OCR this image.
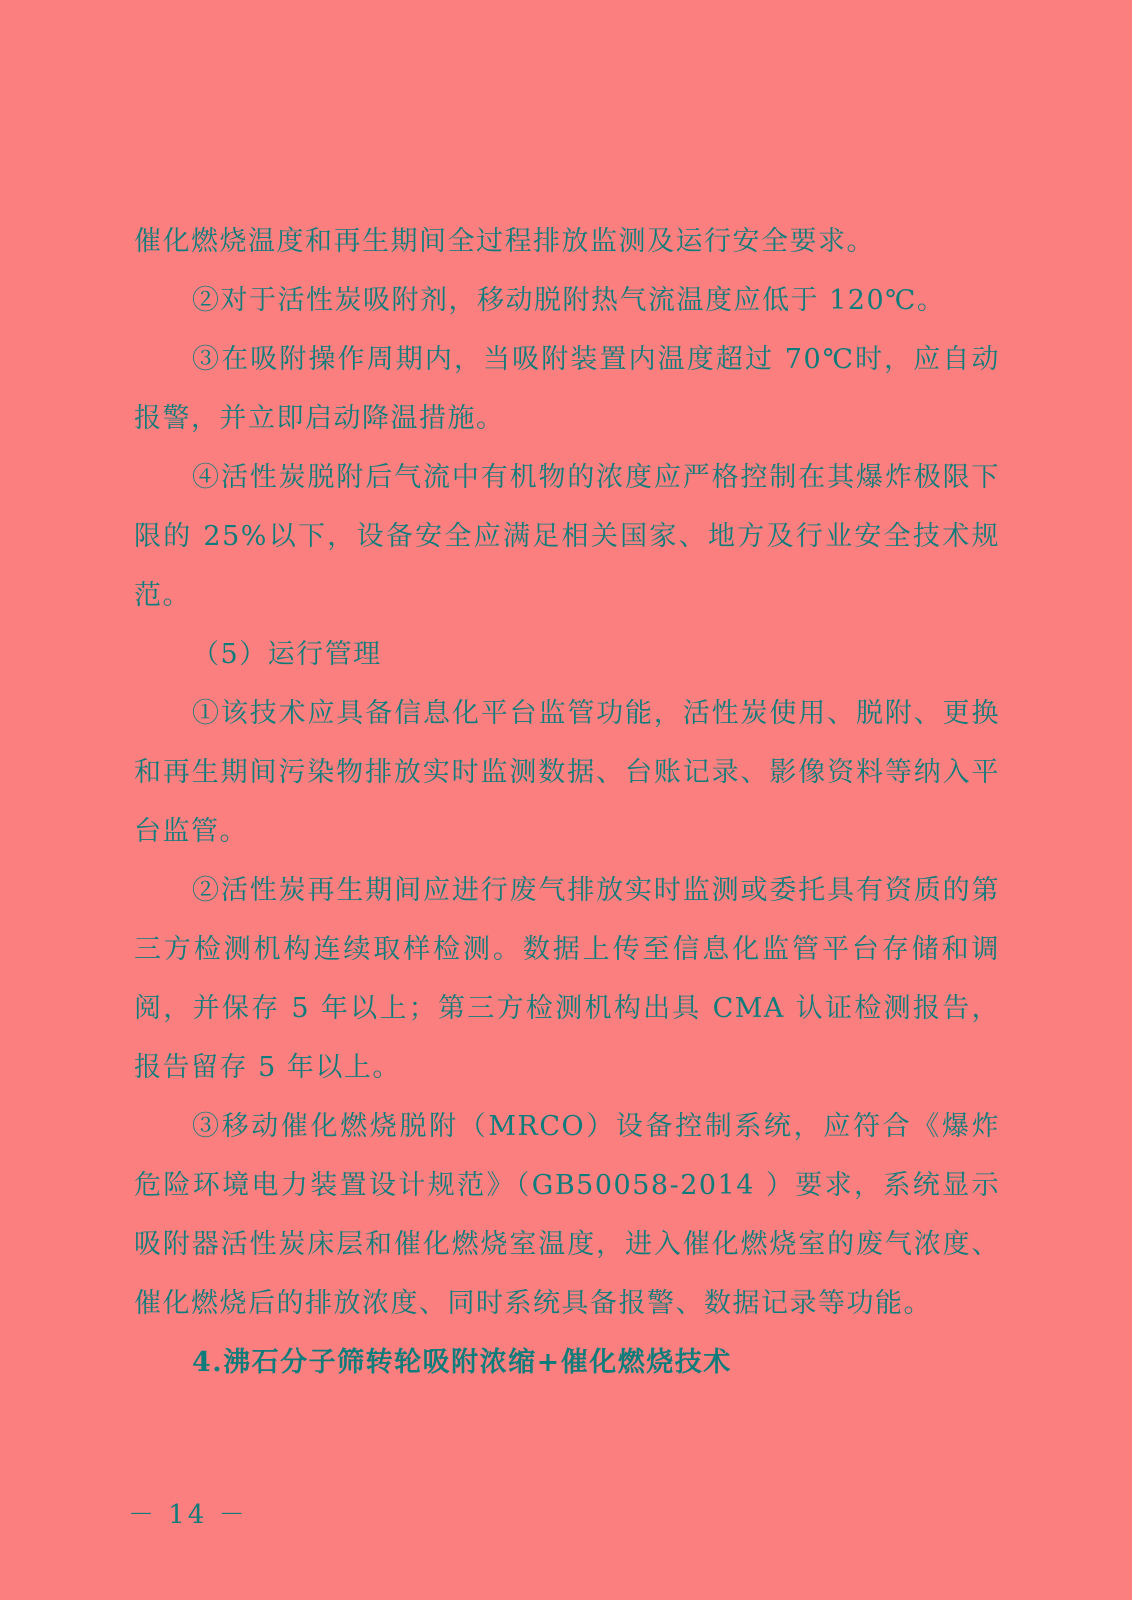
催化燃烧温度和再生期间全过程排放监测及运行安全要求。

②对于活性炭吸附剂，移动脱附热气流温度应低于 120℃。

③在吸附操作周期内，当吸附装置内温度超过 70℃时，应自动报警，并立即启动降温措施。

④活性炭脱附后气流中有机物的浓度应严格控制在其爆炸极限下限的 25%以下，设备安全应满足相关国家、地方及行业安全技术规范。

（5）运行管理

①该技术应具备信息化平台监管功能，活性炭使用、脱附、更换和再生期间污染物排放实时监测数据、台账记录、影像资料等纳入平台监管。

②活性炭再生期间应进行废气排放实时监测或委托具有资质的第三方检测机构连续取样检测。数据上传至信息化监管平台存储和调阅，并保存 5 年以上；第三方检测机构出具 CMA 认证检测报告，报告留存 5 年以上。

③移动催化燃烧脱附（MRCO）设备控制系统，应符合《爆炸危险环境电力装置设计规范》（GB50058-2014 ）要求，系统显示吸附器活性炭床层和催化燃烧室温度，进入催化燃烧室的废气浓度、催化燃烧后的排放浓度、同时系统具备报警、数据记录等功能。

4.沸石分子筛转轮吸附浓缩+催化燃烧技术

－ 14 －
